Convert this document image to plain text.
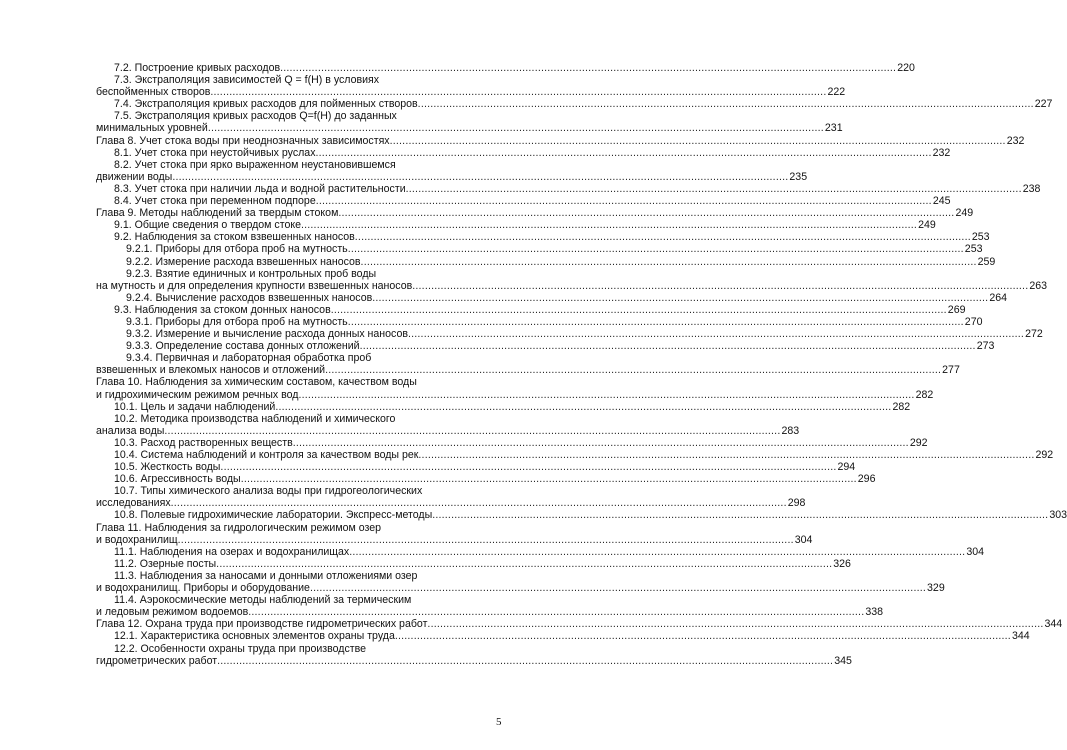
7.2. Построение кривых расходов .....	220
7.3. Экстраполяция зависимостей Q = f(H) в условиях
беспойменных створов .....	222
7.4. Экстраполяция кривых расходов для пойменных створов .....	227
7.5. Экстраполяция кривых расходов Q=f(H) до заданных
минимальных уровней .....	231
Глава 8. Учет стока воды при неоднозначных зависимостях .....	232
8.1. Учет стока при неустойчивых руслах .....	232
8.2. Учет стока при ярко выраженном неустановившемся
движении воды .....	235
8.3. Учет стока при наличии льда и водной растительности .....	238
8.4. Учет стока при переменном подпоре .....	245
Глава 9. Методы наблюдений за твердым стоком .....	249
9.1. Общие сведения о твердом стоке .....	249
9.2. Наблюдения за стоком взвешенных наносов .....	253
9.2.1. Приборы для отбора проб на мутность .....	253
9.2.2. Измерение расхода взвешенных наносов .....	259
9.2.3. Взятие единичных и контрольных проб воды
на мутность и для определения крупности взвешенных наносов .....	263
9.2.4. Вычисление расходов взвешенных наносов .....	264
9.3. Наблюдения за стоком донных наносов .....	269
9.3.1. Приборы для отбора проб на мутность .....	270
9.3.2. Измерение и вычисление расхода донных наносов .....	272
9.3.3. Определение состава донных отложений .....	273
9.3.4. Первичная и лабораторная обработка проб
взвешенных и влекомых наносов и отложений .....	277
Глава 10. Наблюдения за химическим составом, качеством воды
и гидрохимическим режимом речных вод .....	282
10.1. Цель и задачи наблюдений .....	282
10.2. Методика производства наблюдений и химического
анализа воды .....	283
10.3. Расход растворенных веществ .....	292
10.4. Система наблюдений и контроля за качеством воды рек .....	292
10.5. Жесткость воды .....	294
10.6. Агрессивность воды .....	296
10.7. Типы химического анализа воды при гидрогеологических
исследованиях .....	298
10.8. Полевые гидрохимические лаборатории. Экспресс-методы .....	303
Глава 11. Наблюдения за гидрологическим режимом озер
и водохранилищ .....	304
11.1. Наблюдения на озерах и водохранилищах .....	304
11.2. Озерные посты .....	326
11.3. Наблюдения за наносами и донными отложениями озер
и водохранилищ. Приборы и оборудование .....	329
11.4. Аэрокосмические методы наблюдений за термическим
и ледовым режимом водоемов .....	338
Глава 12. Охрана труда при производстве гидрометрических работ .....	344
12.1. Характеристика основных элементов охраны труда .....	344
12.2. Особенности охраны труда при производстве
гидрометрических работ .....	345
5
